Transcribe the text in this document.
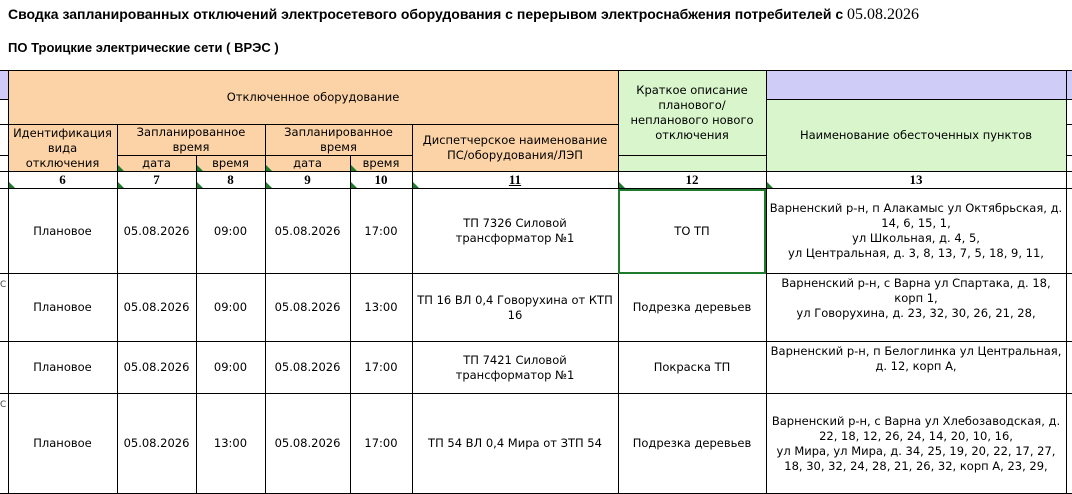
Сводка запланированных отключений электросетевого оборудования с перерывом электроснабжения потребителей с 05.08.2026
ПО Троицкие электрические сети ( ВРЭС )
	Отключенное оборудование						Краткое описание планового/непланового нового отключения		
								Наименование обесточенных пунктов	
	Идентификация вида отключения	Запланированное время		Запланированное время		Диспетчерское наименование ПС/оборудования/ЛЭП			
		дата	время	дата	время				
	6	7	8	9	10	11	12	13	

	Плановое	05.08.2026	09:00	05.08.2026	17:00	ТП 7326 Силовой трансформатор №1	ТО ТП	Варненский р-н, п Алакамыс ул Октябрьская, д. 14, 6, 15, 1,
ул Школьная, д. 4, 5,
ул Центральная, д. 3, 8, 13, 7, 5, 18, 9, 11,	

С	Плановое	05.08.2026	09:00	05.08.2026	13:00	ТП 16 ВЛ 0,4 Говорухина от КТП 16	Подрезка деревьев	Варненский р-н, с Варна ул Спартака, д. 18, корп 1,
ул Говорухина, д. 23, 32, 30, 26, 21, 28,	

	Плановое	05.08.2026	09:00	05.08.2026	17:00	ТП 7421 Силовой трансформатор №1	Покраска ТП	Варненский р-н, п Белоглинка ул Центральная, д. 12, корп А,	

С	Плановое	05.08.2026	13:00	05.08.2026	17:00	ТП 54 ВЛ 0,4 Мира от ЗТП 54	Подрезка деревьев	Варненский р-н, с Варна ул Хлебозаводская, д. 22, 18, 12, 26, 24, 14, 20, 10, 16,
ул Мира, ул Мира, д. 34, 25, 19, 20, 22, 17, 27, 18, 30, 32, 24, 28, 21, 26, 32, корп А, 23, 29,	
